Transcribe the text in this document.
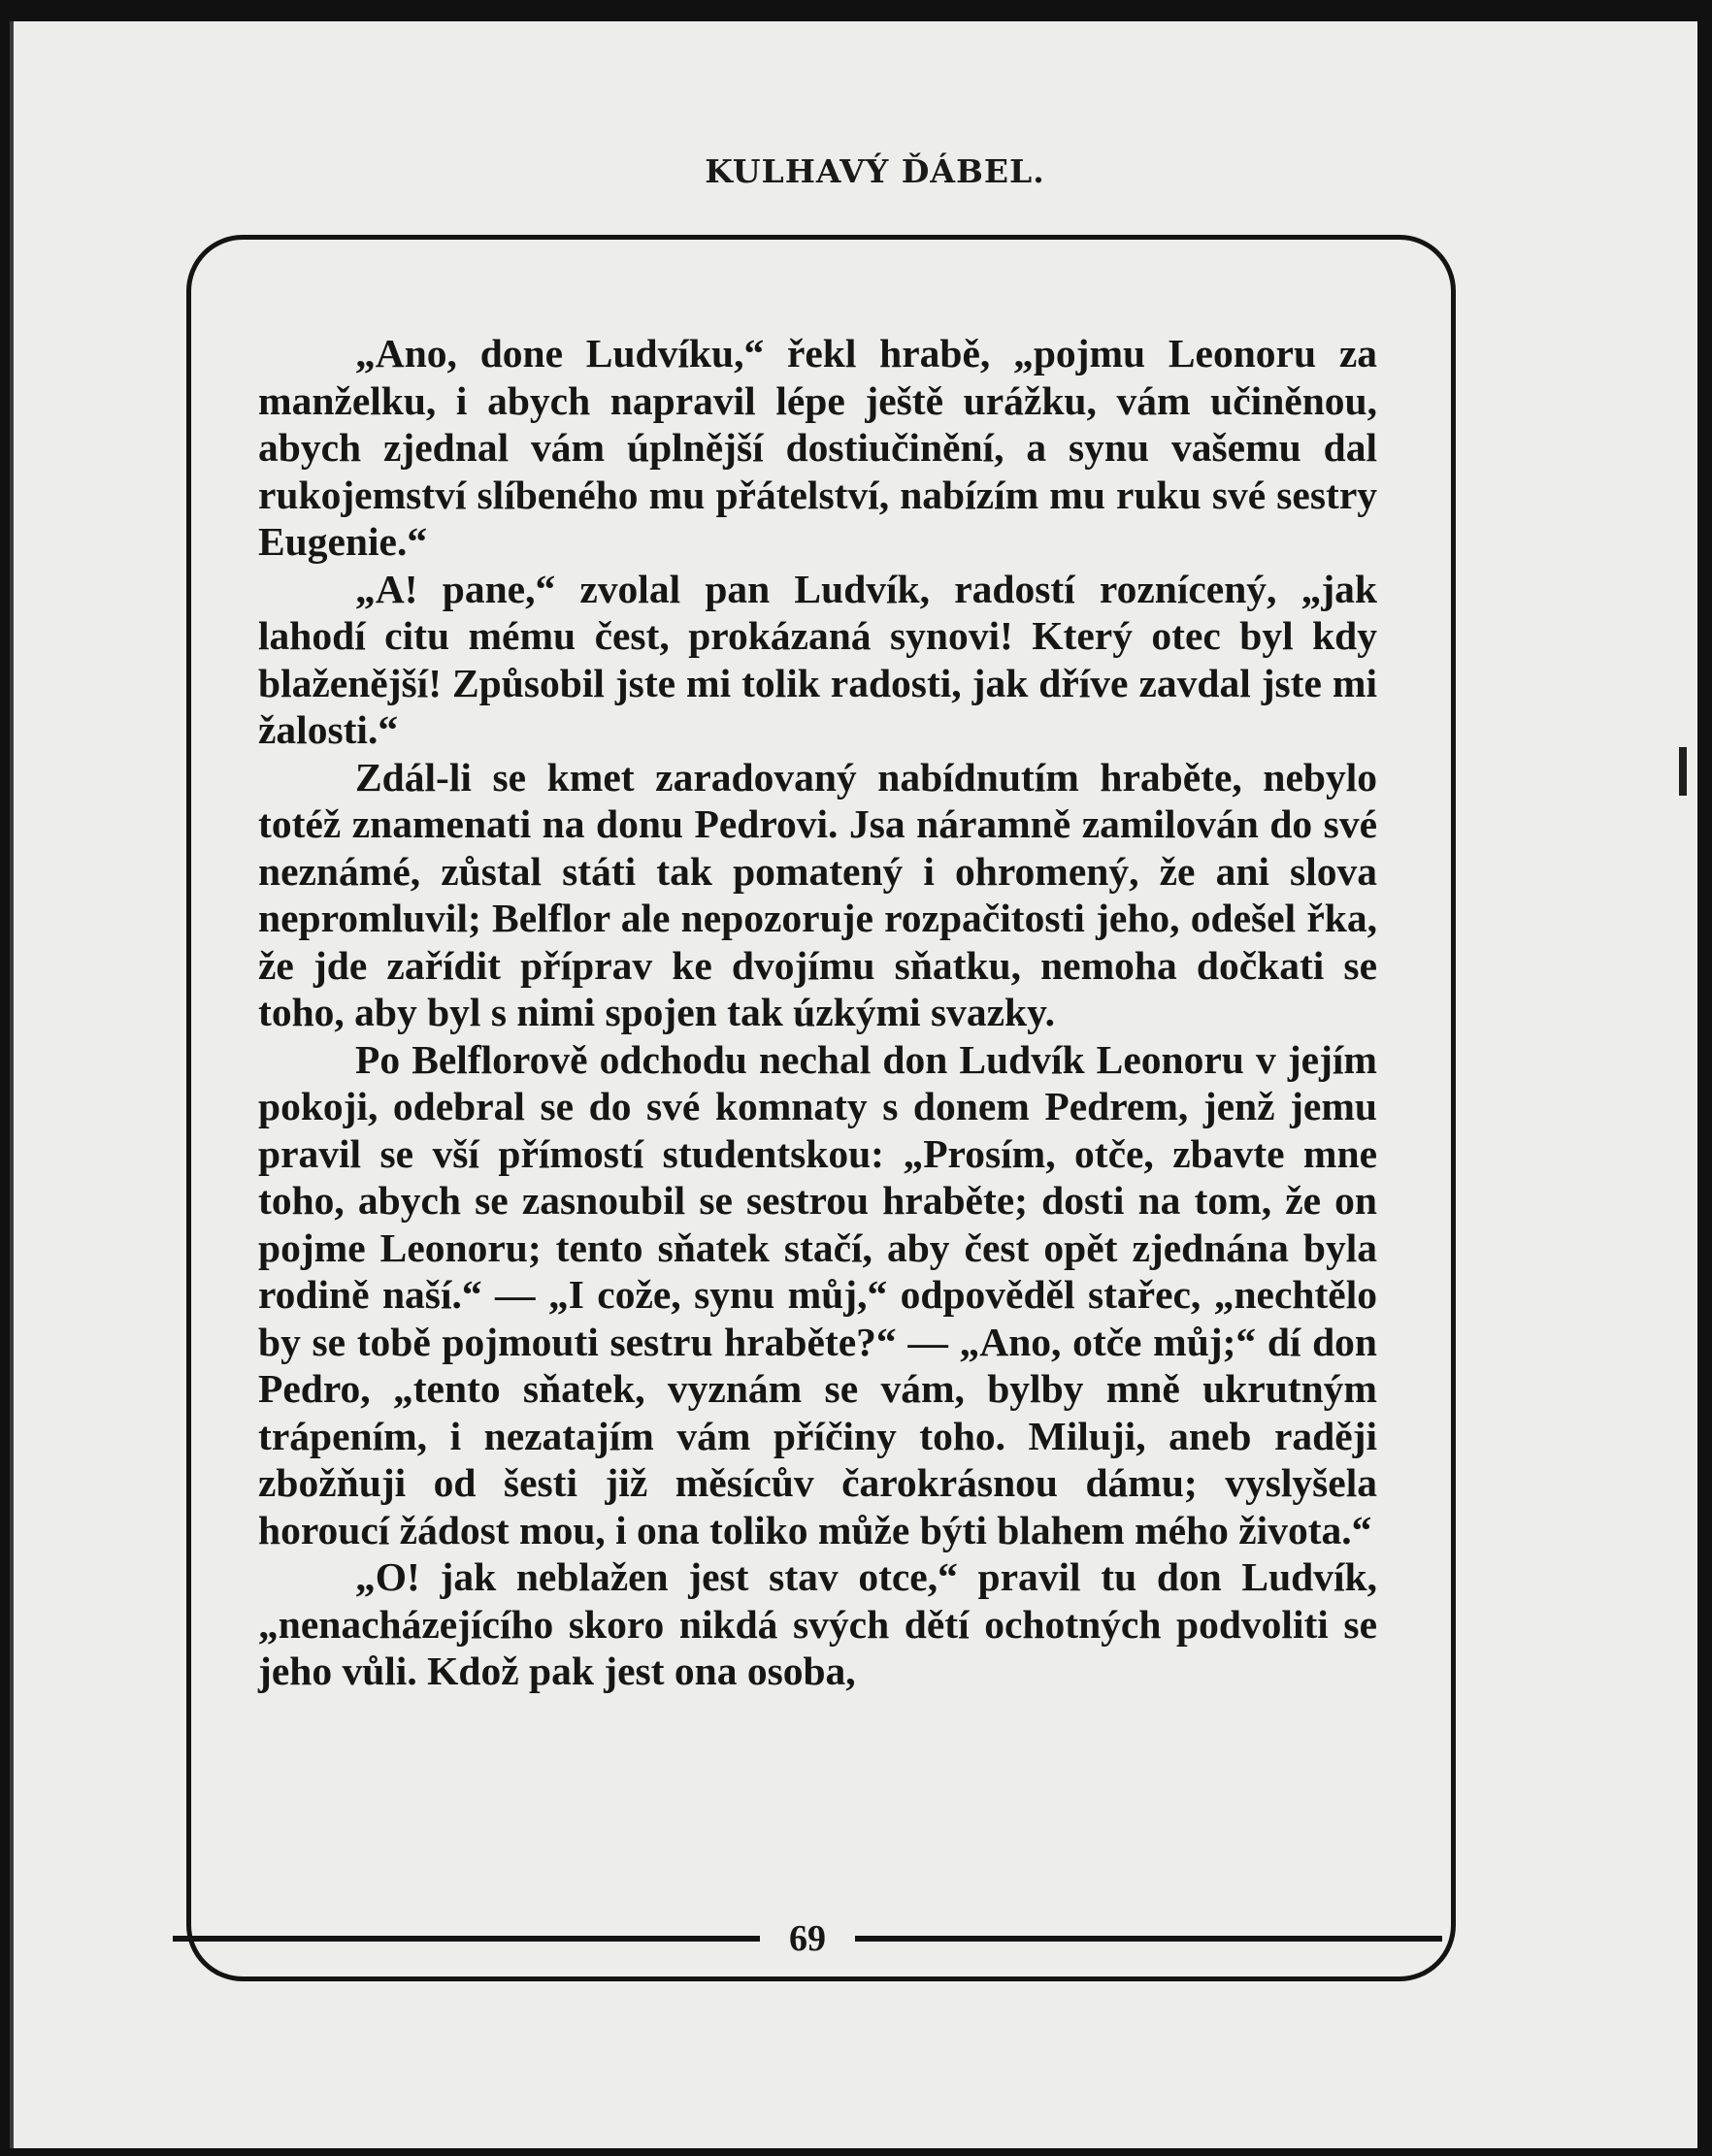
KULHAVÝ ĎÁBEL.

„Ano, done Ludvíku,“ řekl hrabě, „pojmu Leonoru za manželku, i abych napravil lépe ještě urážku, vám učiněnou, abych zjednal vám úplnější dostiučinění, a synu vašemu dal rukojemství slíbeného mu přátelství, nabízím mu ruku své sestry Eugenie.“

„A! pane,“ zvolal pan Ludvík, radostí roznícený, „jak lahodí citu mému čest, prokázaná synovi! Který otec byl kdy blaženější! Způsobil jste mi tolik radosti, jak dříve zavdal jste mi žalosti.“

Zdál-li se kmet zaradovaný nabídnutím hraběte, nebylo totéž znamenati na donu Pedrovi. Jsa náramně zamilován do své neznámé, zůstal státi tak pomatený i ohromený, že ani slova nepromluvil; Belflor ale nepozoruje rozpačitosti jeho, odešel řka, že jde zařídit příprav ke dvojímu sňatku, nemoha dočkati se toho, aby byl s nimi spojen tak úzkými svazky.

Po Belflorově odchodu nechal don Ludvík Leonoru v jejím pokoji, odebral se do své komnaty s donem Pedrem, jenž jemu pravil se vší přímostí studentskou: „Prosím, otče, zbavte mne toho, abych se zasnoubil se sestrou hraběte; dosti na tom, že on pojme Leonoru; tento sňatek stačí, aby čest opět zjednána byla rodině naší.“ — „I cože, synu můj,“ odpověděl stařec, „nechtělo by se tobě pojmouti sestru hraběte?“ — „Ano, otče můj;“ dí don Pedro, „tento sňatek, vyznám se vám, bylby mně ukrutným trápením, i nezatajím vám příčiny toho. Miluji, aneb raději zbožňuji od šesti již měsícův čarokrásnou dámu; vyslyšela horoucí žádost mou, i ona toliko může býti blahem mého života.“

„O! jak neblažen jest stav otce,“ pravil tu don Ludvík, „nenacházejícího skoro nikdá svých dětí ochotných podvoliti se jeho vůli. Kdož pak jest ona osoba,

69
